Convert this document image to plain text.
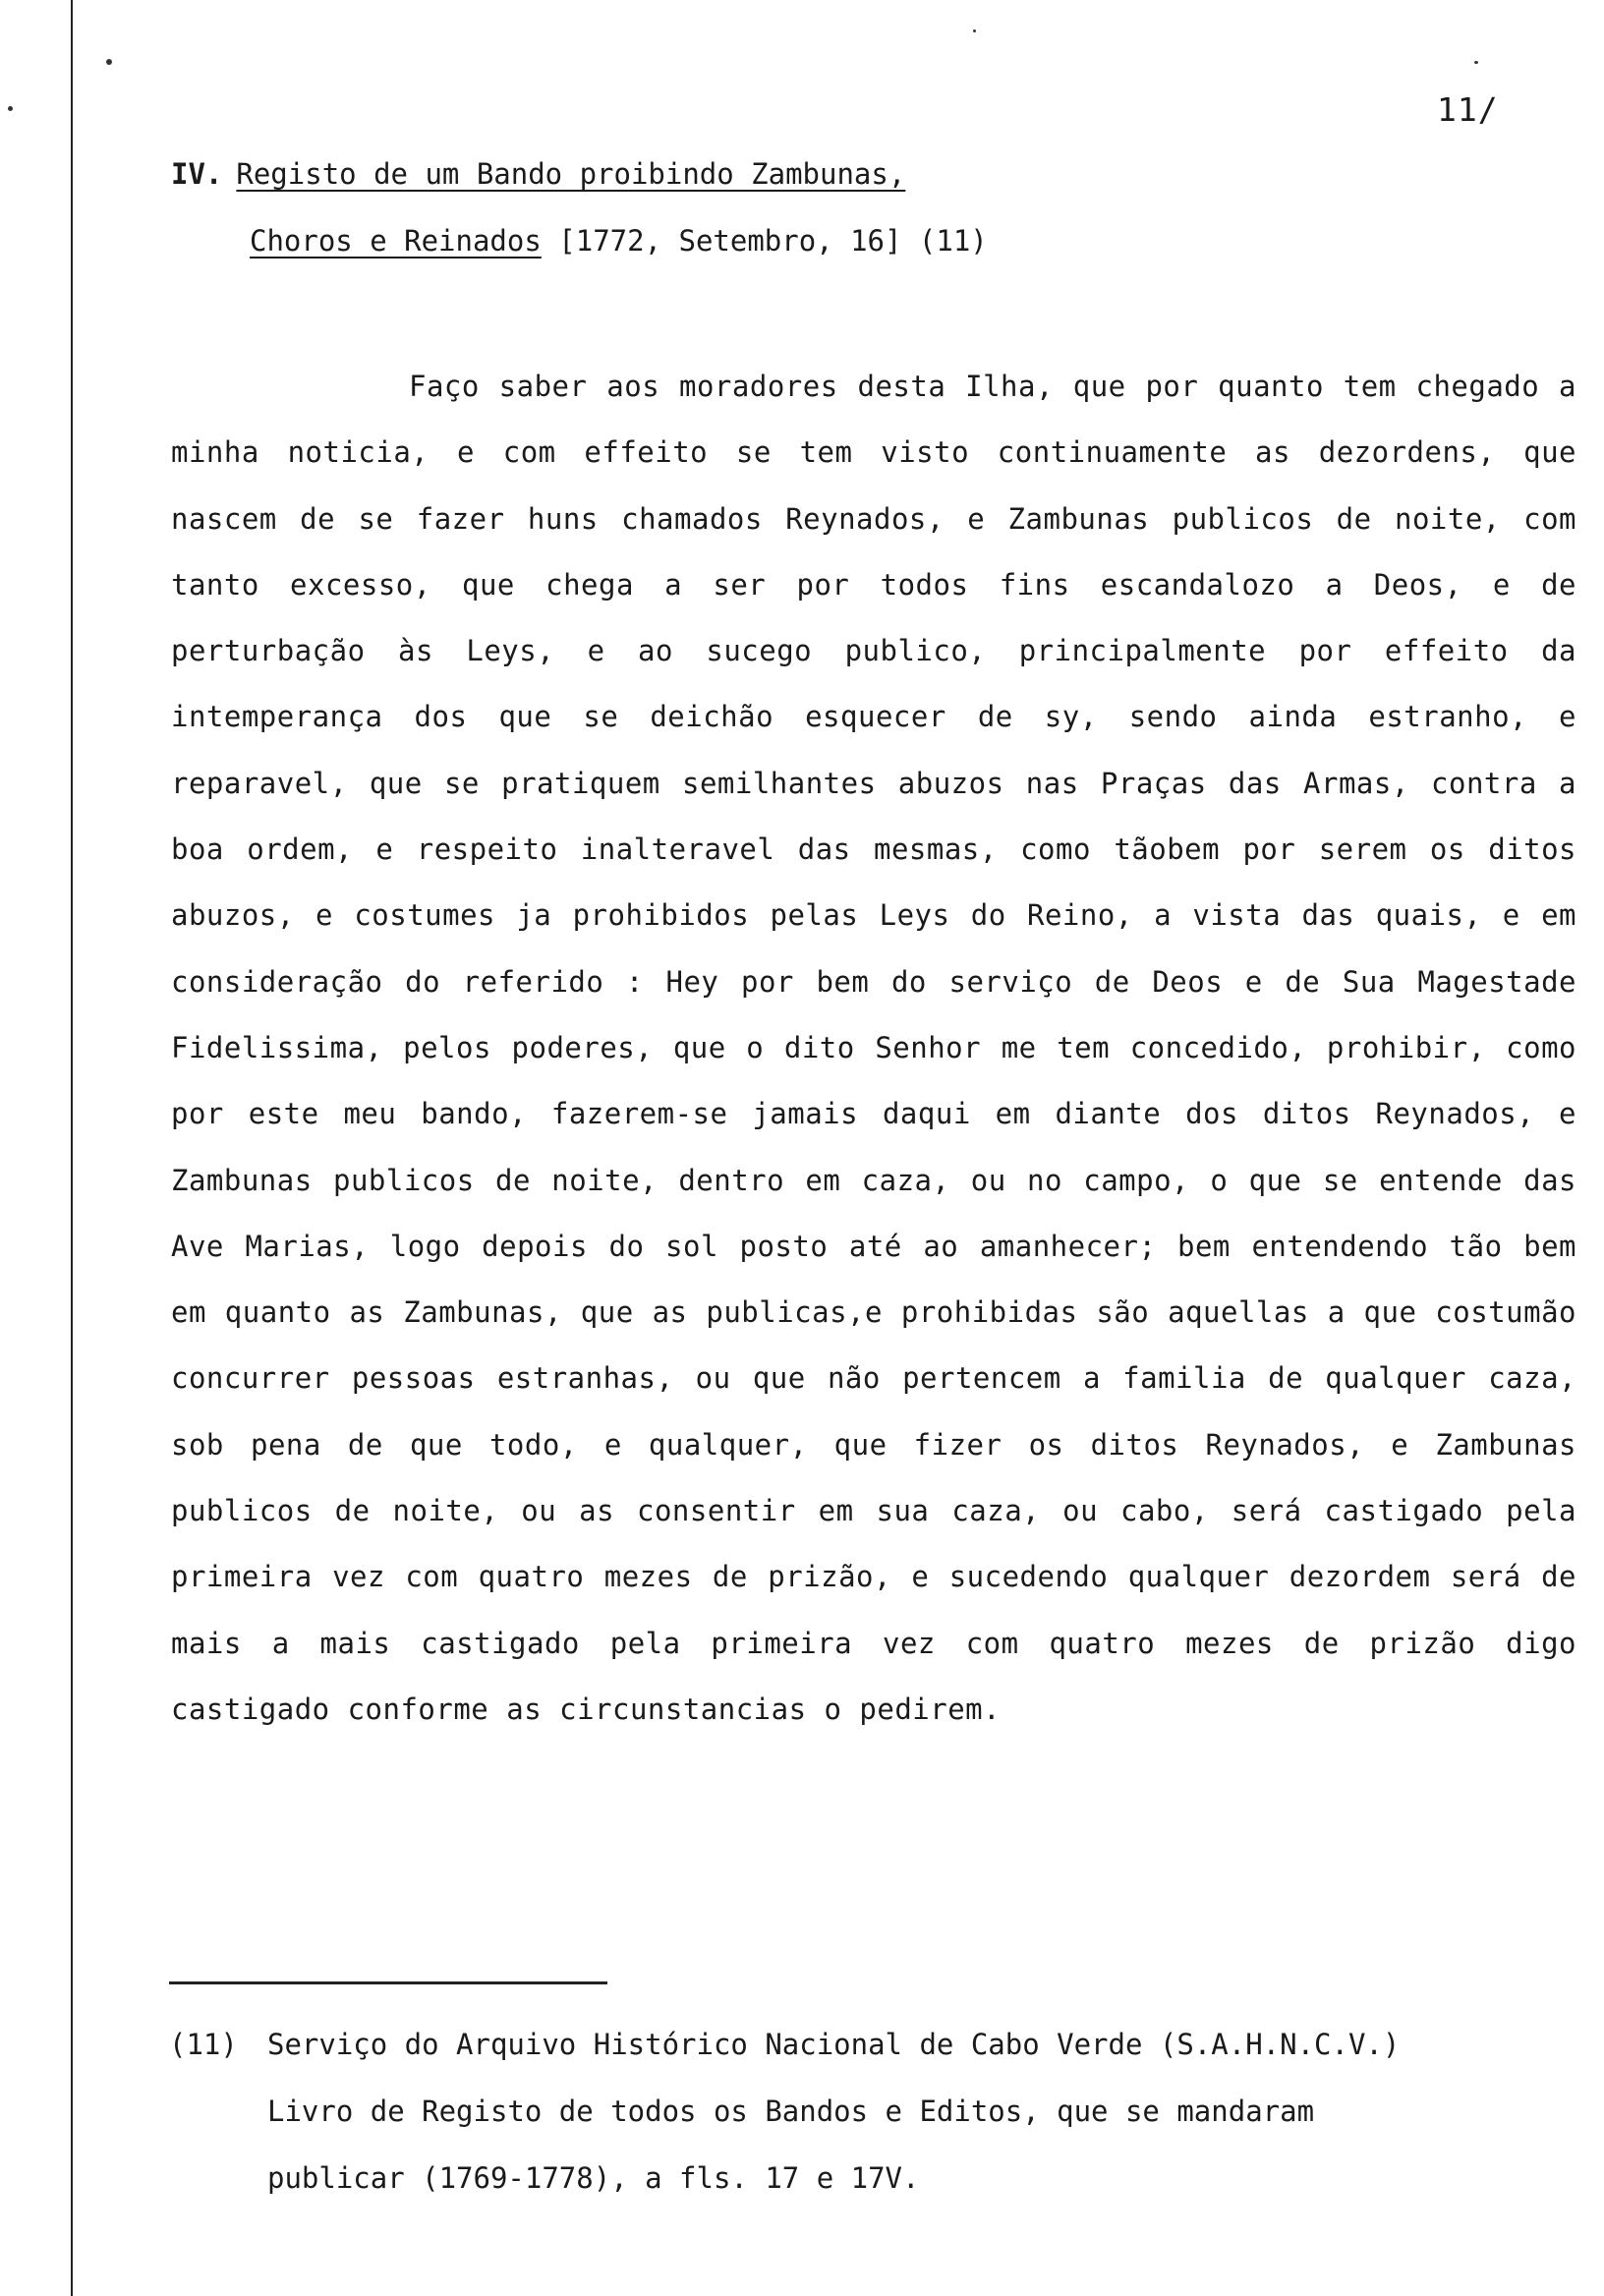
11/
IV. Registo de um Bando proibindo Zambunas,
Choros e Reinados [1772, Setembro, 16] (11)
Faço saber aos moradores desta Ilha, que por quanto tem chegado a minha noticia, e com effeito se tem visto continuamente as dezordens, que nascem de se fazer huns chamados Reynados, e Zambunas publicos de noite, com tanto excesso, que chega a ser por todos fins escandalozo a Deos, e de perturbação às Leys, e ao sucego publico, principalmente por effeito da intemperança dos que se deichão esquecer de sy, sendo ainda estranho, e reparavel, que se pratiquem semilhantes abuzos nas Praças das Armas, contra a boa ordem, e respeito inalteravel das mesmas, como tãobem por serem os ditos abuzos, e costumes ja prohibidos pelas Leys do Reino, a vista das quais, e em consideração do referido : Hey por bem do serviço de Deos e de Sua Magestade Fidelissima, pelos poderes, que o dito Senhor me tem concedido, prohibir, como por este meu bando, fazerem-se jamais daqui em diante dos ditos Reynados, e Zambunas publicos de noite, dentro em caza, ou no campo, o que se entende das Ave Marias, logo depois do sol posto até ao amanhecer; bem entendendo tão bem em quanto as Zambunas, que as publicas,e prohibidas são aquellas a que costumão concurrer pessoas estranhas, ou que não pertencem a familia de qualquer caza, sob pena de que todo, e qualquer, que fizer os ditos Reynados, e Zambunas publicos de noite, ou as consentir em sua caza, ou cabo, será castigado pela primeira vez com quatro mezes de prizão, e sucedendo qualquer dezordem será de mais a mais castigado pela primeira vez com quatro mezes de prizão digo castigado conforme as circunstancias o pedirem.
(11) Serviço do Arquivo Histórico Nacional de Cabo Verde (S.A.H.N.C.V.)
Livro de Registo de todos os Bandos e Editos, que se mandaram
publicar (1769-1778), a fls. 17 e 17V.
